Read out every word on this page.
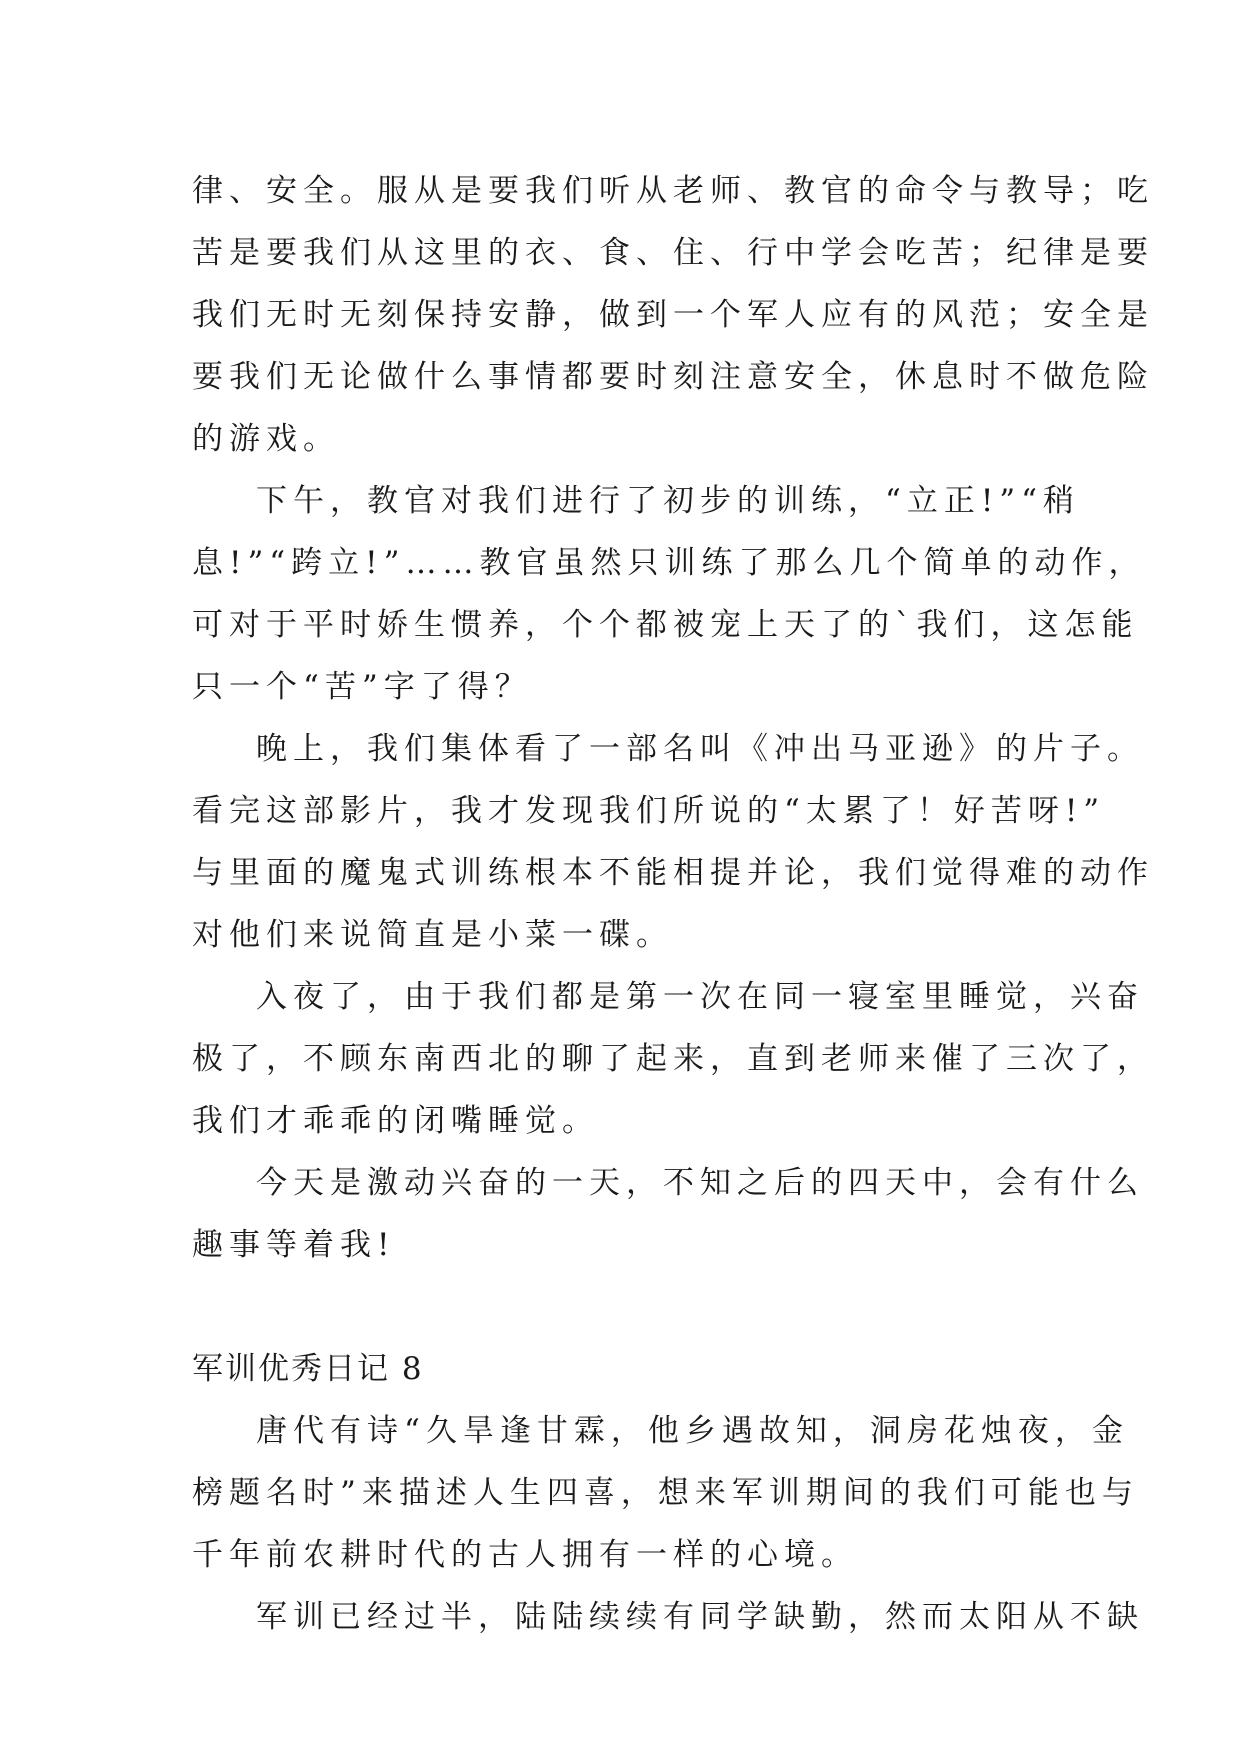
律、安全。服从是要我们听从老师、教官的命令与教导；吃
苦是要我们从这里的衣、食、住、行中学会吃苦；纪律是要
我们无时无刻保持安静，做到一个军人应有的风范；安全是
要我们无论做什么事情都要时刻注意安全，休息时不做危险
的游戏。
下午，教官对我们进行了初步的训练，“立正!”“稍
息!”“跨立!”……教官虽然只训练了那么几个简单的动作，
可对于平时娇生惯养，个个都被宠上天了的`我们，这怎能
只一个“苦”字了得？
晚上，我们集体看了一部名叫《冲出马亚逊》的片子。
看完这部影片，我才发现我们所说的“太累了！好苦呀!”
与里面的魔鬼式训练根本不能相提并论，我们觉得难的动作
对他们来说简直是小菜一碟。
入夜了，由于我们都是第一次在同一寝室里睡觉，兴奋
极了，不顾东南西北的聊了起来，直到老师来催了三次了，
我们才乖乖的闭嘴睡觉。
今天是激动兴奋的一天，不知之后的四天中，会有什么
趣事等着我!
军训优秀日记 8
唐代有诗“久旱逢甘霖，他乡遇故知，洞房花烛夜，金
榜题名时”来描述人生四喜，想来军训期间的我们可能也与
千年前农耕时代的古人拥有一样的心境。
军训已经过半，陆陆续续有同学缺勤，然而太阳从不缺
